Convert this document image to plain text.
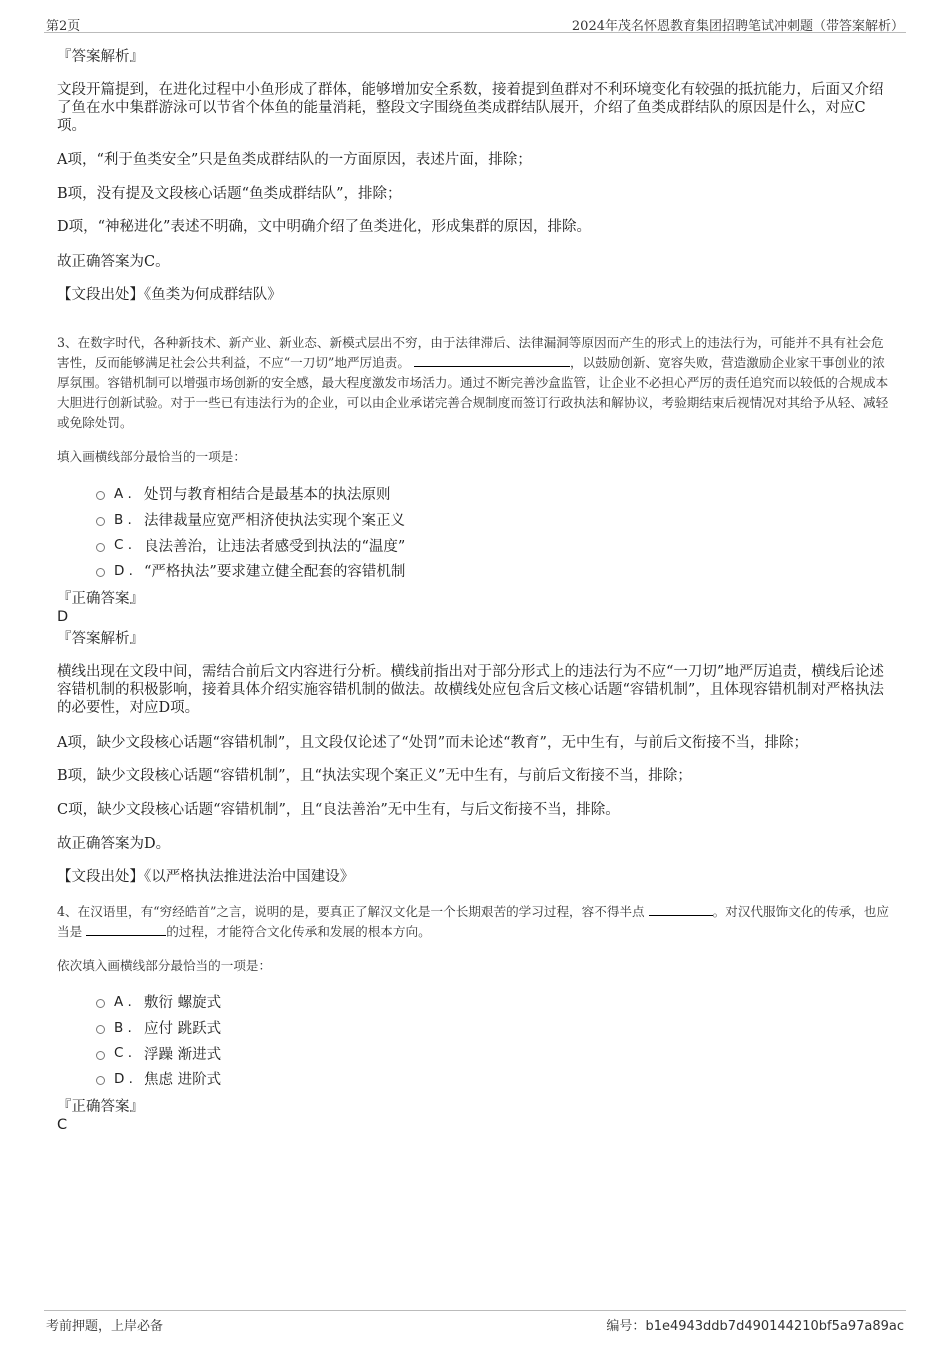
第2页	2024年茂名怀恩教育集团招聘笔试冲刺题（带答案解析）
『答案解析』
文段开篇提到，在进化过程中小鱼形成了群体，能够增加安全系数，接着提到鱼群对不利环境变化有较强的抵抗能力，后面又介绍了鱼在水中集群游泳可以节省个体鱼的能量消耗，整段文字围绕鱼类成群结队展开，介绍了鱼类成群结队的原因是什么，对应C项。
A项，“利于鱼类安全”只是鱼类成群结队的一方面原因，表述片面，排除；
B项，没有提及文段核心话题“鱼类成群结队”，排除；
D项，“神秘进化”表述不明确，文中明确介绍了鱼类进化，形成集群的原因，排除。
故正确答案为C。
【文段出处】《鱼类为何成群结队》
3、在数字时代，各种新技术、新产业、新业态、新模式层出不穷，由于法律滞后、法律漏洞等原因而产生的形式上的违法行为，可能并不具有社会危害性，反而能够满足社会公共利益，不应“一刀切”地严厉追责。	，以鼓励创新、宽容失败，营造激励企业家干事创业的浓厚氛围。容错机制可以增强市场创新的安全感，最大程度激发市场活力。通过不断完善沙盒监管，让企业不必担心严厉的责任追究而以较低的合规成本大胆进行创新试验。对于一些已有违法行为的企业，可以由企业承诺完善合规制度而签订行政执法和解协议，考验期结束后视情况对其给予从轻、减轻或免除处罚。
填入画横线部分最恰当的一项是：
A . 处罚与教育相结合是最基本的执法原则
B . 法律裁量应宽严相济使执法实现个案正义
C . 良法善治，让违法者感受到执法的“温度”
D . “严格执法”要求建立健全配套的容错机制
『正确答案』
D
『答案解析』
横线出现在文段中间，需结合前后文内容进行分析。横线前指出对于部分形式上的违法行为不应“一刀切”地严厉追责，横线后论述容错机制的积极影响，接着具体介绍实施容错机制的做法。故横线处应包含后文核心话题“容错机制”，且体现容错机制对严格执法的必要性，对应D项。
A项，缺少文段核心话题“容错机制”，且文段仅论述了“处罚”而未论述“教育”，无中生有，与前后文衔接不当，排除；
B项，缺少文段核心话题“容错机制”，且“执法实现个案正义”无中生有，与前后文衔接不当，排除；
C项，缺少文段核心话题“容错机制”，且“良法善治”无中生有，与后文衔接不当，排除。
故正确答案为D。
【文段出处】《以严格执法推进法治中国建设》
4、在汉语里，有“穷经皓首”之言，说明的是，要真正了解汉文化是一个长期艰苦的学习过程，容不得半点	。对汉代服饰文化的传承，也应当是	的过程，才能符合文化传承和发展的根本方向。
依次填入画横线部分最恰当的一项是：
A . 敷衍 螺旋式
B . 应付 跳跃式
C . 浮躁 渐进式
D . 焦虑 进阶式
『正确答案』
C
考前押题，上岸必备	编号：b1e4943ddb7d490144210bf5a97a89ac
